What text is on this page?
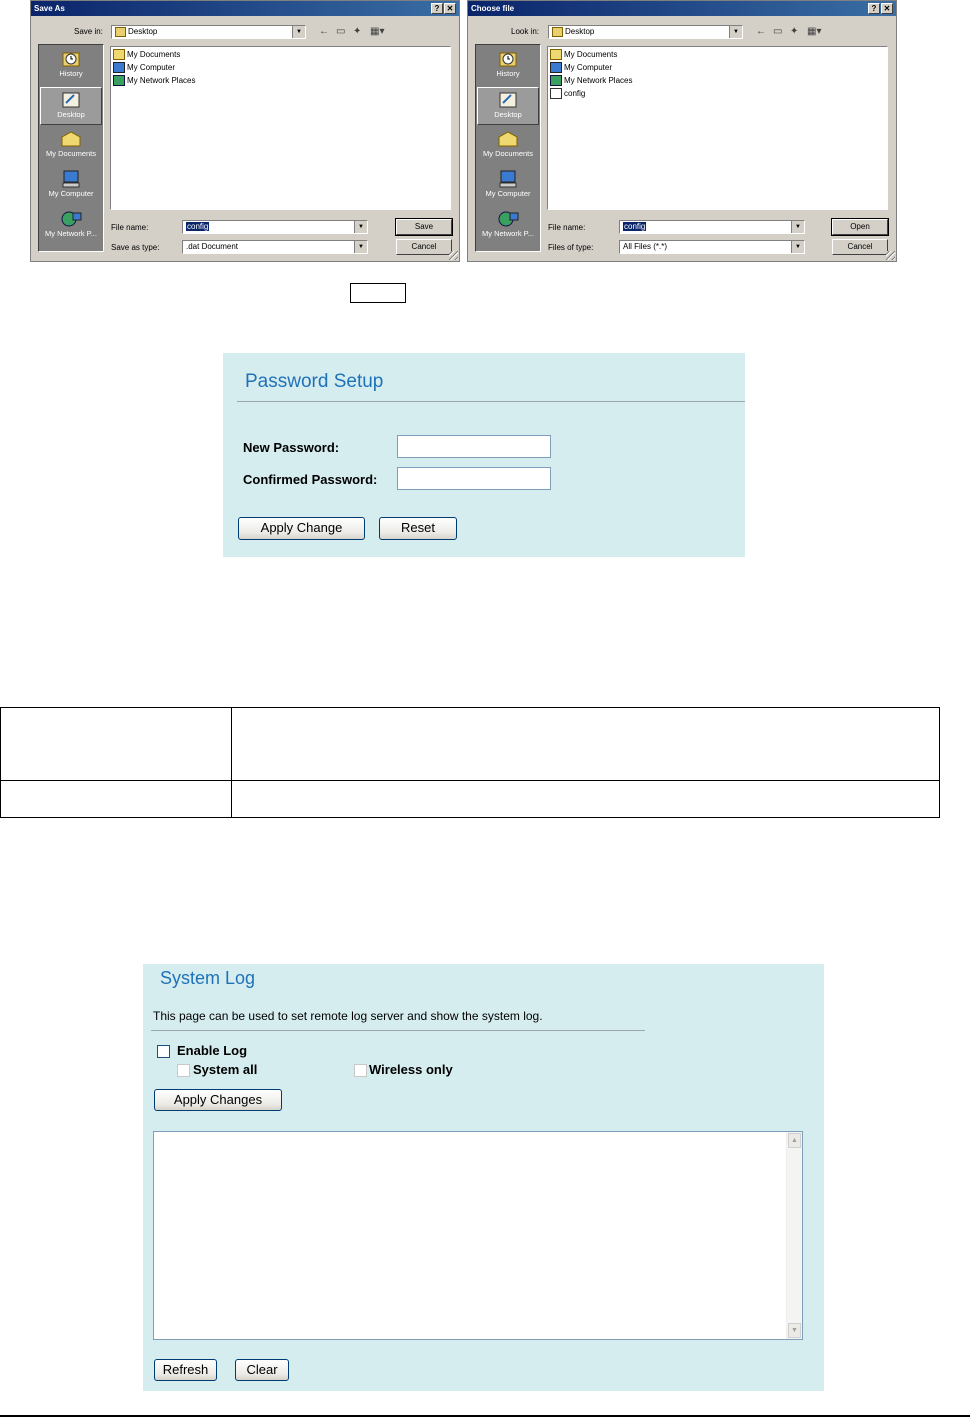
Save As	? ✕
Save in:	Desktop	▼	← ▭ ✦ ▦▾
History
Desktop
My Documents
My Computer
My Network P...
My Documents
My Computer
My Network Places
File name:	config	▼
Save as type:	.dat Document	▼
Save
Cancel
Choose file	? ✕
Look in:	Desktop	▼	← ▭ ✦ ▦▾
History
Desktop
My Documents
My Computer
My Network P...
My Documents
My Computer
My Network Places
config
File name:	config	▼
Files of type:	All Files (*.*)	▼
Open
Cancel
Password Setup
New Password:
Confirmed Password:
Apply Change	Reset

System Log
This page can be used to set remote log server and show the system log.
Enable Log
System all	Wireless only
Apply Changes
▲
▼
Refresh	Clear
